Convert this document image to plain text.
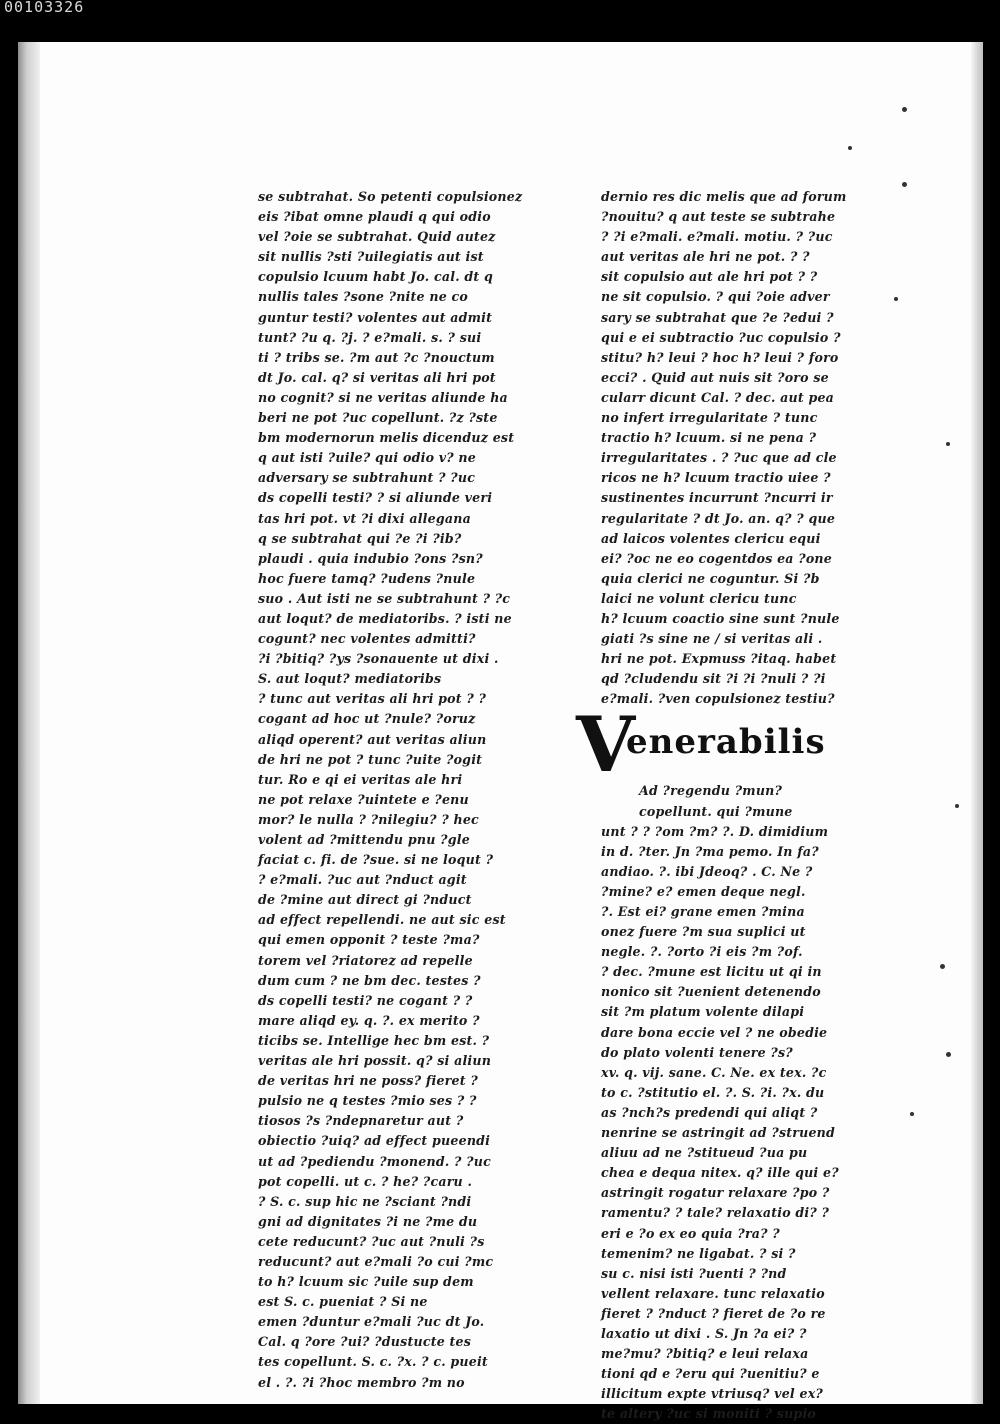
00103326
se subtrahat. So petenti copulsionez
eis ?ibat omne plaudi q qui odio
vel ?oie se subtrahat. Quid autez
sit nullis ?sti ?uilegiatis aut ist
copulsio lcuum habt Jo. cal. dt q
nullis tales ?sone ?nite ne co
guntur testi? volentes aut admit
tunt? ?u q. ?j. ? e?mali. s. ? sui
ti ? tribs se. ?m aut ?c ?nouctum
dt Jo. cal. q? si veritas ali hri pot
no cognit? si ne veritas aliunde ha
beri ne pot ?uc copellunt. ?z ?ste
bm modernorun melis dicenduz est
q aut isti ?uile? qui odio v? ne
adversary se subtrahunt ? ?uc
ds copelli testi? ? si aliunde veri
tas hri pot. vt ?i dixi allegana
q se subtrahat qui ?e ?i ?ib?
plaudi . quia indubio ?ons ?sn?
hoc fuere tamq? ?udens ?nule
suo . Aut isti ne se subtrahunt ? ?c
aut loqut? de mediatoribs. ? isti ne
cogunt? nec volentes admitti?
?i ?bitiq? ?ys ?sonauente ut dixi .
S. aut loqut? mediatoribs
? tunc aut veritas ali hri pot ? ?
cogant ad hoc ut ?nule? ?oruz
aliqd operent? aut veritas aliun
de hri ne pot ? tunc ?uite ?ogit
tur. Ro e qi ei veritas ale hri
ne pot relaxe ?uintete e ?enu
mor? le nulla ? ?nilegiu? ? hec
volent ad ?mittendu pnu ?gle
faciat c. fi. de ?sue. si ne loqut ?
? e?mali. ?uc aut ?nduct agit
de ?mine aut direct gi ?nduct
ad effect repellendi. ne aut sic est
qui emen opponit ? teste ?ma?
torem vel ?riatorez ad repelle
dum cum ? ne bm dec. testes ?
ds copelli testi? ne cogant ? ?
mare aliqd ey. q. ?. ex merito ?
ticibs se. Intellige hec bm est. ?
veritas ale hri possit. q? si aliun
de veritas hri ne poss? fieret ?
pulsio ne q testes ?mio ses ? ?
tiosos ?s ?ndepnaretur aut ?
obiectio ?uiq? ad effect pueendi
ut ad ?pediendu ?monend. ? ?uc
pot copelli. ut c. ? he? ?caru .
? S. c. sup hic ne ?sciant ?ndi
gni ad dignitates ?i ne ?me du
cete reducunt? ?uc aut ?nuli ?s
reducunt? aut e?mali ?o cui ?mc
to h? lcuum sic ?uile sup dem
est S. c. pueniat ? Si ne
emen ?duntur e?mali ?uc dt Jo.
Cal. q ?ore ?ui? ?dustucte tes
tes copellunt. S. c. ?x. ? c. pueit
el . ?. ?i ?hoc membro ?m no
dernio res dic melis que ad forum
?nouitu? q aut teste se subtrahe
? ?i e?mali. e?mali. motiu. ? ?uc
aut veritas ale hri ne pot. ? ?
sit copulsio aut ale hri pot ? ?
ne sit copulsio. ? qui ?oie adver
sary se subtrahat que ?e ?edui ?
qui e ei subtractio ?uc copulsio ?
stitu? h? leui ? hoc h? leui ? foro
ecci? . Quid aut nuis sit ?oro se
cularr dicunt Cal. ? dec. aut pea
no infert irregularitate ? tunc
tractio h? lcuum. si ne pena ?
irregularitates . ? ?uc que ad cle
ricos ne h? lcuum tractio uiee ?
sustinentes incurrunt ?ncurri ir
regularitate ? dt Jo. an. q? ? que
ad laicos volentes clericu equi
ei? ?oc ne eo cogentdos ea ?one
quia clerici ne coguntur. Si ?b
laici ne volunt clericu tunc
h? lcuum coactio sine sunt ?nule
giati ?s sine ne / si veritas ali .
hri ne pot. Expmuss ?itaq. habet
qd ?cludendu sit ?i ?i ?nuli ? ?i
e?mali. ?ven copulsionez testiu?
V
enerabilis
Ad ?regendu ?mun?
copellunt. qui ?mune
unt ? ? ?om ?m? ?. D. dimidium
in d. ?ter. Jn ?ma pemo. In fa?
andiao. ?. ibi Jdeoq? . C. Ne ?
?mine? e? emen deque negl.
?. Est ei? grane emen ?mina
onez fuere ?m sua suplici ut
negle. ?. ?orto ?i eis ?m ?of.
? dec. ?mune est licitu ut qi in
nonico sit ?uenient detenendo
sit ?m platum volente dilapi
dare bona eccie vel ? ne obedie
do plato volenti tenere ?s?
xv. q. vij. sane. C. Ne. ex tex. ?c
to c. ?stitutio el. ?. S. ?i. ?x. du
as ?nch?s predendi qui aliqt ?
nenrine se astringit ad ?struend
aliuu ad ne ?stitueud ?ua pu
chea e dequa nitex. q? ille qui e?
astringit rogatur relaxare ?po ?
ramentu? ? tale? relaxatio di? ?
eri e ?o ex eo quia ?ra? ?
temenim? ne ligabat. ? si ?
su c. nisi isti ?uenti ? ?nd
vellent relaxare. tunc relaxatio
fieret ? ?nduct ? fieret de ?o re
laxatio ut dixi . S. Jn ?a ei? ?
me?mu? ?bitiq? e leui relaxa
tioni qd e ?eru qui ?uenitiu? e
illicitum expte vtriusq? vel ex?
te altery ?uc si moniti ? supio
